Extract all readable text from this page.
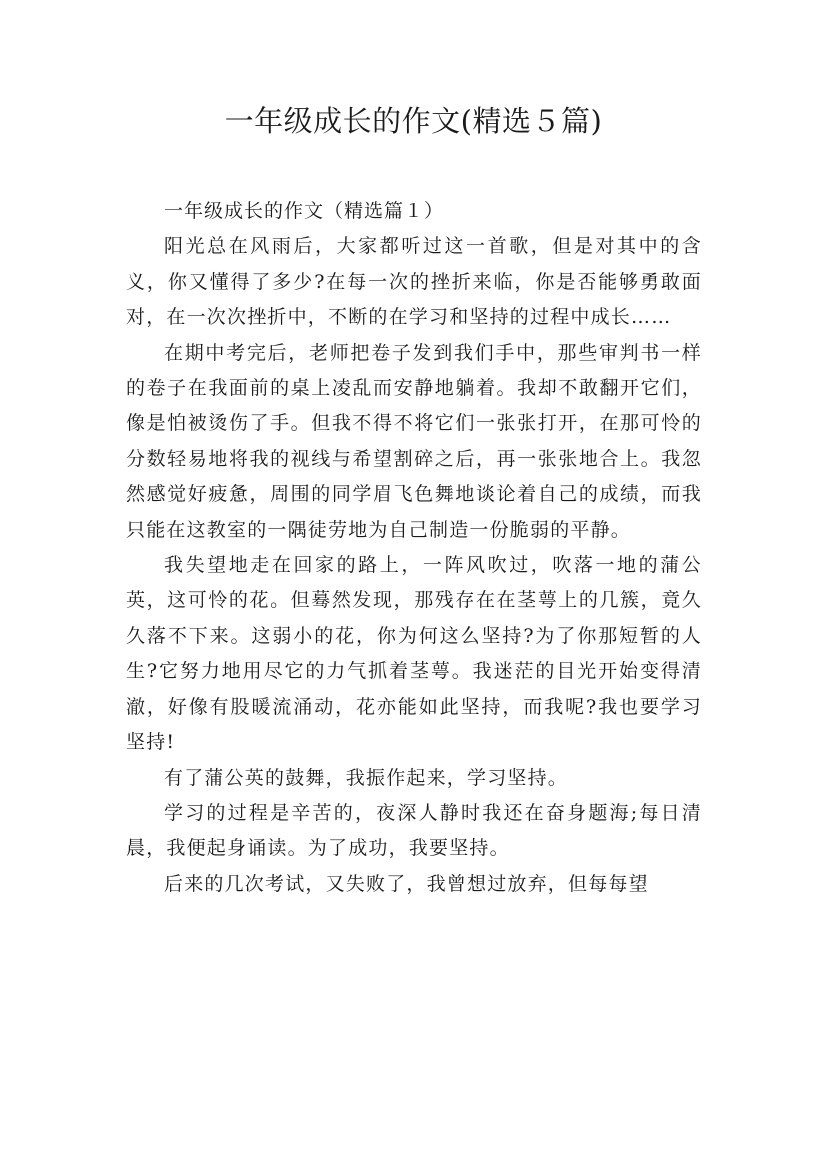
一年级成长的作文(精选５篇)

一年级成长的作文（精选篇１）

阳光总在风雨后，大家都听过这一首歌，但是对其中的含义，你又懂得了多少?在每一次的挫折来临，你是否能够勇敢面对，在一次次挫折中，不断的在学习和坚持的过程中成长……

在期中考完后，老师把卷子发到我们手中，那些审判书一样的卷子在我面前的桌上凌乱而安静地躺着。我却不敢翻开它们，像是怕被烫伤了手。但我不得不将它们一张张打开，在那可怜的分数轻易地将我的视线与希望割碎之后，再一张张地合上。我忽然感觉好疲惫，周围的同学眉飞色舞地谈论着自己的成绩，而我只能在这教室的一隅徒劳地为自己制造一份脆弱的平静。

我失望地走在回家的路上，一阵风吹过，吹落一地的蒲公英，这可怜的花。但蓦然发现，那残存在在茎萼上的几簇，竟久久落不下来。这弱小的花，你为何这么坚持?为了你那短暂的人生?它努力地用尽它的力气抓着茎萼。我迷茫的目光开始变得清澈，好像有股暖流涌动，花亦能如此坚持，而我呢?我也要学习坚持!

有了蒲公英的鼓舞，我振作起来，学习坚持。

学习的过程是辛苦的，夜深人静时我还在奋身题海;每日清晨，我便起身诵读。为了成功，我要坚持。

后来的几次考试，又失败了，我曾想过放弃，但每每望
